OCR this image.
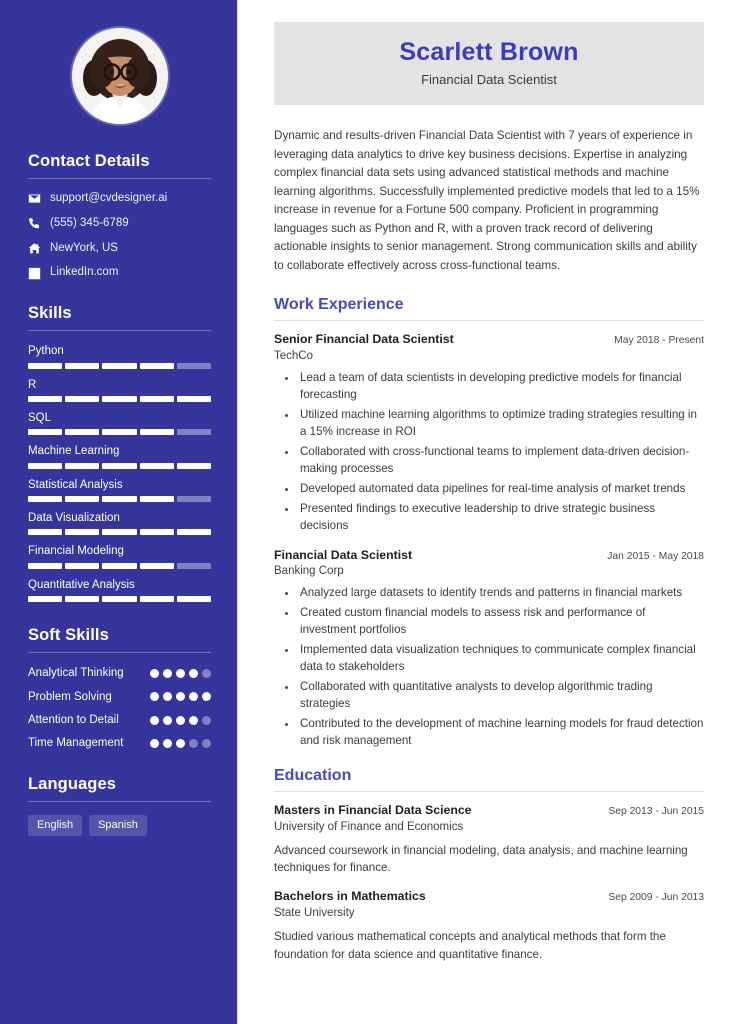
Contact Details
support@cvdesigner.ai
(555) 345-6789
NewYork, US
LinkedIn.com
Skills
Python
R
SQL
Machine Learning
Statistical Analysis
Data Visualization
Financial Modeling
Quantitative Analysis
Soft Skills
Analytical Thinking
Problem Solving
Attention to Detail
Time Management
Languages
English	Spanish
Scarlett Brown
Financial Data Scientist

Dynamic and results-driven Financial Data Scientist with 7 years of experience in leveraging data analytics to drive key business decisions. Expertise in analyzing complex financial data sets using advanced statistical methods and machine learning algorithms. Successfully implemented predictive models that led to a 15% increase in revenue for a Fortune 500 company. Proficient in programming languages such as Python and R, with a proven track record of delivering actionable insights to senior management. Strong communication skills and ability to collaborate effectively across cross-functional teams.

Work Experience
Senior Financial Data Scientist	May 2018 - Present
TechCo
• Lead a team of data scientists in developing predictive models for financial forecasting
• Utilized machine learning algorithms to optimize trading strategies resulting in a 15% increase in ROI
• Collaborated with cross-functional teams to implement data-driven decision-making processes
• Developed automated data pipelines for real-time analysis of market trends
• Presented findings to executive leadership to drive strategic business decisions
Financial Data Scientist	Jan 2015 - May 2018
Banking Corp
• Analyzed large datasets to identify trends and patterns in financial markets
• Created custom financial models to assess risk and performance of investment portfolios
• Implemented data visualization techniques to communicate complex financial data to stakeholders
• Collaborated with quantitative analysts to develop algorithmic trading strategies
• Contributed to the development of machine learning models for fraud detection and risk management
Education
Masters in Financial Data Science	Sep 2013 - Jun 2015
University of Finance and Economics
Advanced coursework in financial modeling, data analysis, and machine learning techniques for finance.
Bachelors in Mathematics	Sep 2009 - Jun 2013
State University
Studied various mathematical concepts and analytical methods that form the foundation for data science and quantitative finance.
